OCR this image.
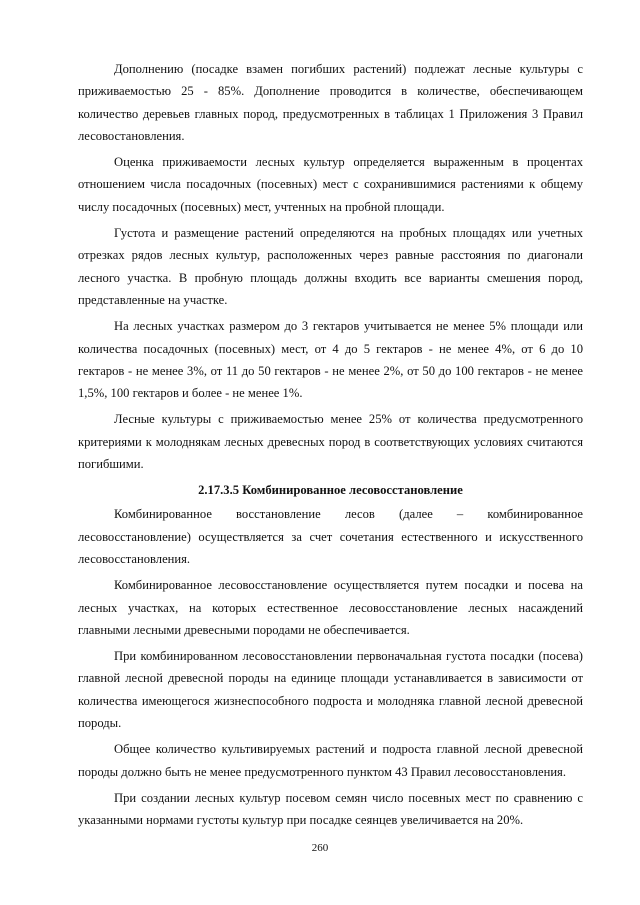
Дополнению (посадке взамен погибших растений) подлежат лесные культуры с приживаемостью 25 - 85%. Дополнение проводится в количестве, обеспечивающем количество деревьев главных пород, предусмотренных в таблицах 1 Приложения 3 Правил лесовостановления.

Оценка приживаемости лесных культур определяется выраженным в процентах отношением числа посадочных (посевных) мест с сохранившимися растениями к общему числу посадочных (посевных) мест, учтенных на пробной площади.

Густота и размещение растений определяются на пробных площадях или учетных отрезках рядов лесных культур, расположенных через равные расстояния по диагонали лесного участка. В пробную площадь должны входить все варианты смешения пород, представленные на участке.

На лесных участках размером до 3 гектаров учитывается не менее 5% площади или количества посадочных (посевных) мест, от 4 до 5 гектаров - не менее 4%, от 6 до 10 гектаров - не менее 3%, от 11 до 50 гектаров - не менее 2%, от 50 до 100 гектаров - не менее 1,5%, 100 гектаров и более - не менее 1%.

Лесные культуры с приживаемостью менее 25% от количества предусмотренного критериями к молоднякам лесных древесных пород в соответствующих условиях считаются погибшими.

2.17.3.5 Комбинированное лесовосстановление

Комбинированное восстановление лесов (далее – комбинированное лесовосстановление) осуществляется за счет сочетания естественного и искусственного лесовосстановления.

Комбинированное лесовосстановление осуществляется путем посадки и посева на лесных участках, на которых естественное лесовосстановление лесных насаждений главными лесными древесными породами не обеспечивается.

При комбинированном лесовосстановлении первоначальная густота посадки (посева) главной лесной древесной породы на единице площади устанавливается в зависимости от количества имеющегося жизнеспособного подроста и молодняка главной лесной древесной породы.

Общее количество культивируемых растений и подроста главной лесной древесной породы должно быть не менее предусмотренного пунктом 43 Правил лесовосстановления.

При создании лесных культур посевом семян число посевных мест по сравнению с указанными нормами густоты культур при посадке сеянцев увеличивается на 20%.

260
